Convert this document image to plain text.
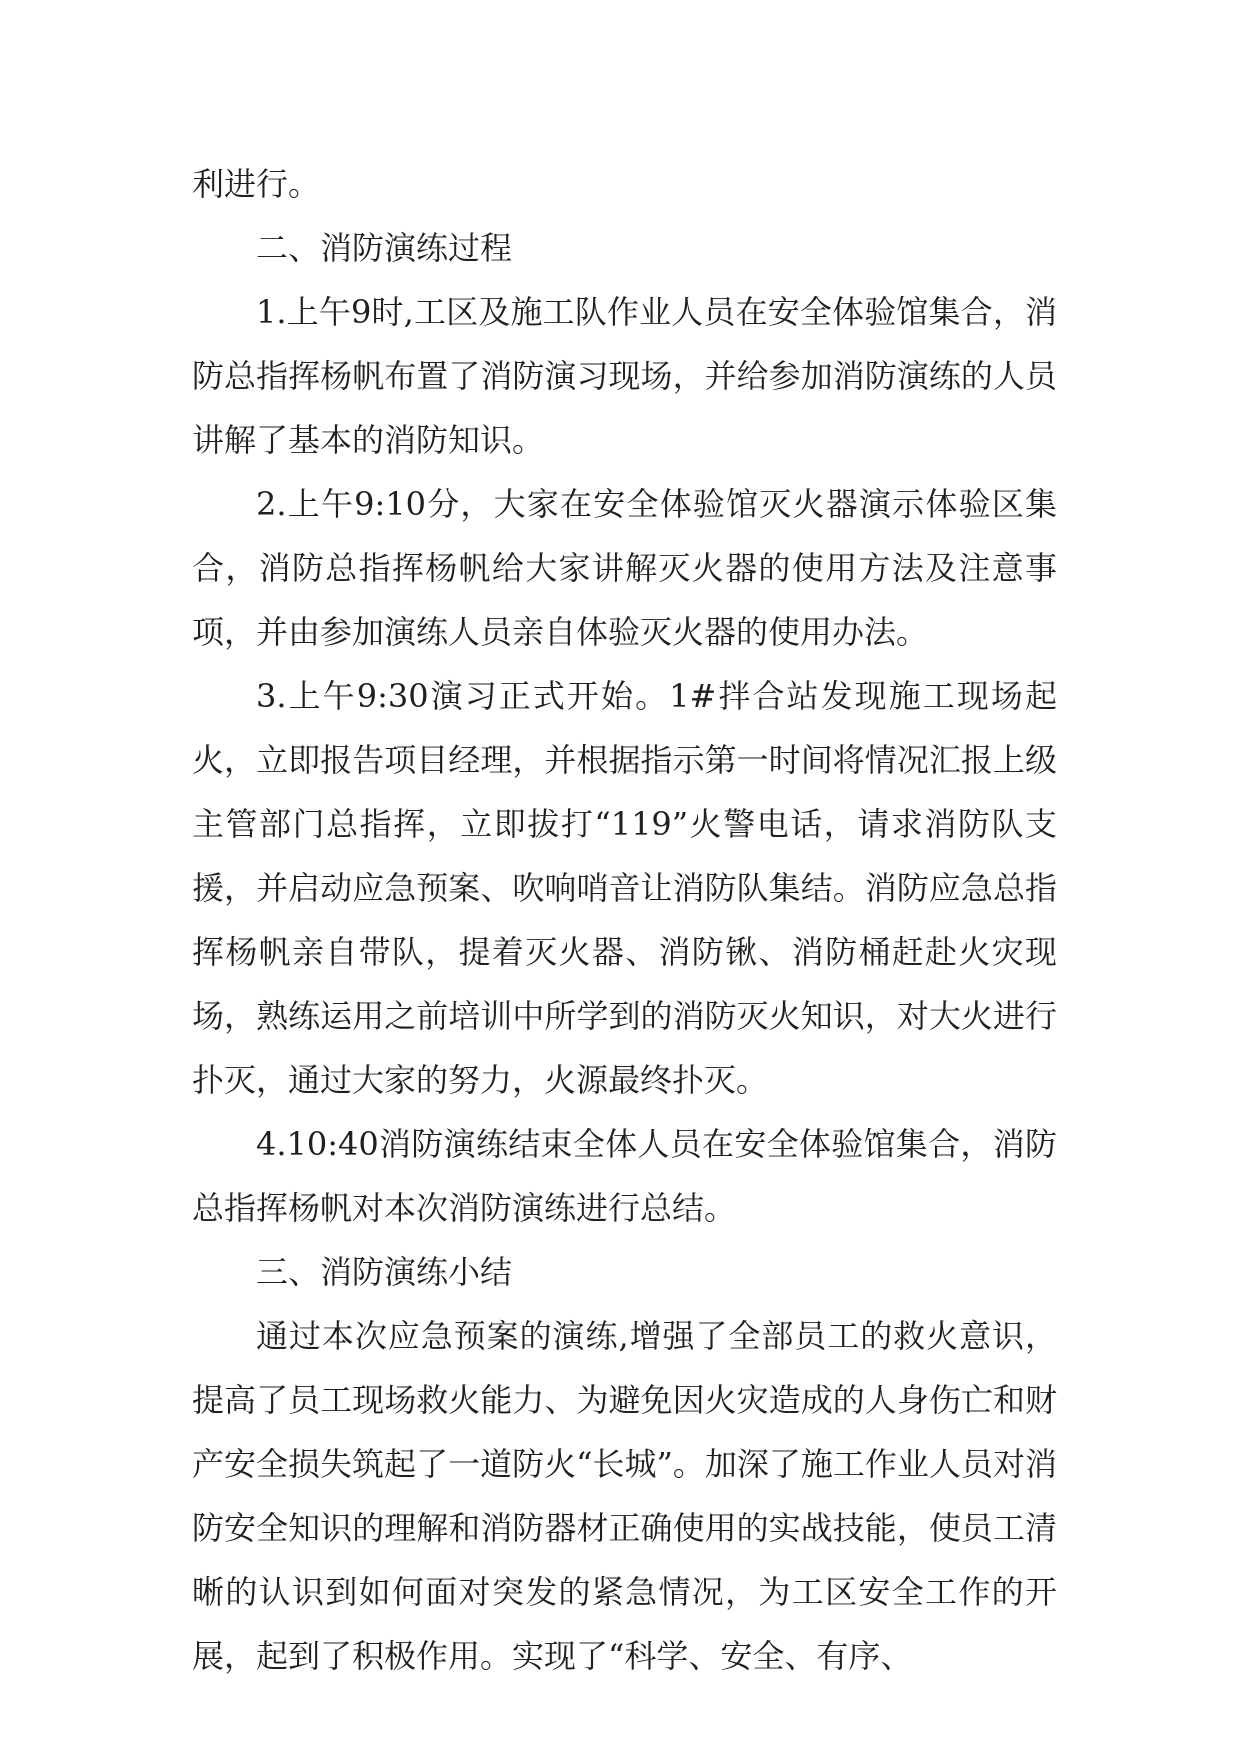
利进行。

二、消防演练过程

1.上午9时,工区及施工队作业人员在安全体验馆集合，消防总指挥杨帆布置了消防演习现场，并给参加消防演练的人员讲解了基本的消防知识。

2.上午9:10分，大家在安全体验馆灭火器演示体验区集合，消防总指挥杨帆给大家讲解灭火器的使用方法及注意事项，并由参加演练人员亲自体验灭火器的使用办法。

3.上午9:30演习正式开始。1#拌合站发现施工现场起火，立即报告项目经理，并根据指示第一时间将情况汇报上级主管部门总指挥，立即拔打“119”火警电话，请求消防队支援，并启动应急预案、吹响哨音让消防队集结。消防应急总指挥杨帆亲自带队，提着灭火器、消防锹、消防桶赶赴火灾现场，熟练运用之前培训中所学到的消防灭火知识，对大火进行扑灭，通过大家的努力，火源最终扑灭。

4.10:40消防演练结束全体人员在安全体验馆集合，消防总指挥杨帆对本次消防演练进行总结。

三、消防演练小结

通过本次应急预案的演练,增强了全部员工的救火意识，提高了员工现场救火能力、为避免因火灾造成的人身伤亡和财产安全损失筑起了一道防火“长城”。加深了施工作业人员对消防安全知识的理解和消防器材正确使用的实战技能，使员工清晰的认识到如何面对突发的紧急情况，为工区安全工作的开展，起到了积极作用。实现了“科学、安全、有序、
